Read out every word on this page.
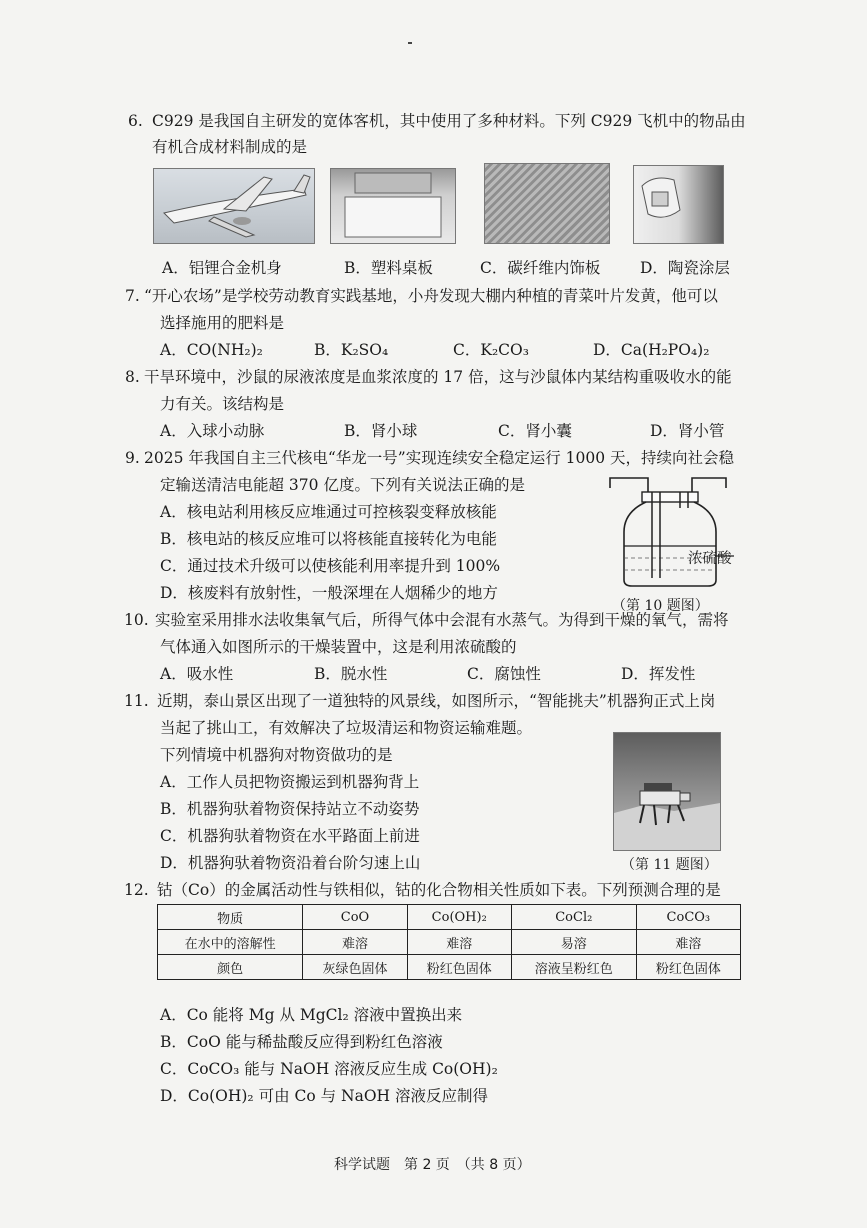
6. C929 是我国自主研发的宽体客机，其中使用了多种材料。下列 C929 飞机中的物品由
有机合成材料制成的是
A．铝锂合金机身	B．塑料桌板	C．碳纤维内饰板	D．陶瓷涂层
7. “开心农场”是学校劳动教育实践基地，小舟发现大棚内种植的青菜叶片发黄，他可以
选择施用的肥料是
A．CO(NH₂)₂	B．K₂SO₄	C．K₂CO₃	D．Ca(H₂PO₄)₂
8. 干旱环境中，沙鼠的尿液浓度是血浆浓度的 17 倍，这与沙鼠体内某结构重吸收水的能
力有关。该结构是
A．入球小动脉	B．肾小球	C．肾小囊	D．肾小管
9. 2025 年我国自主三代核电“华龙一号”实现连续安全稳定运行 1000 天，持续向社会稳
定输送清洁电能超 370 亿度。下列有关说法正确的是
A．核电站利用核反应堆通过可控核裂变释放核能
B．核电站的核反应堆可以将核能直接转化为电能
C．通过技术升级可以使核能利用率提升到 100%
D．核废料有放射性，一般深埋在人烟稀少的地方
浓硫酸
（第 10 题图）
10. 实验室采用排水法收集氧气后，所得气体中会混有水蒸气。为得到干燥的氧气，需将
气体通入如图所示的干燥装置中，这是利用浓硫酸的
A．吸水性	B．脱水性	C．腐蚀性	D．挥发性
11. 近期，泰山景区出现了一道独特的风景线，如图所示，“智能挑夫”机器狗正式上岗
当起了挑山工，有效解决了垃圾清运和物资运输难题。
下列情境中机器狗对物资做功的是
A．工作人员把物资搬运到机器狗背上
B．机器狗驮着物资保持站立不动姿势
C．机器狗驮着物资在水平路面上前进
D．机器狗驮着物资沿着台阶匀速上山	（第 11 题图）
12. 钴（Co）的金属活动性与铁相似，钴的化合物相关性质如下表。下列预测合理的是
物质	CoO	Co(OH)₂	CoCl₂	CoCO₃
在水中的溶解性	难溶	难溶	易溶	难溶
颜色	灰绿色固体	粉红色固体	溶液呈粉红色	粉红色固体
A．Co 能将 Mg 从 MgCl₂ 溶液中置换出来
B．CoO 能与稀盐酸反应得到粉红色溶液
C．CoCO₃ 能与 NaOH 溶液反应生成 Co(OH)₂
D．Co(OH)₂ 可由 Co 与 NaOH 溶液反应制得
科学试题　第 2 页　（共 8 页）
